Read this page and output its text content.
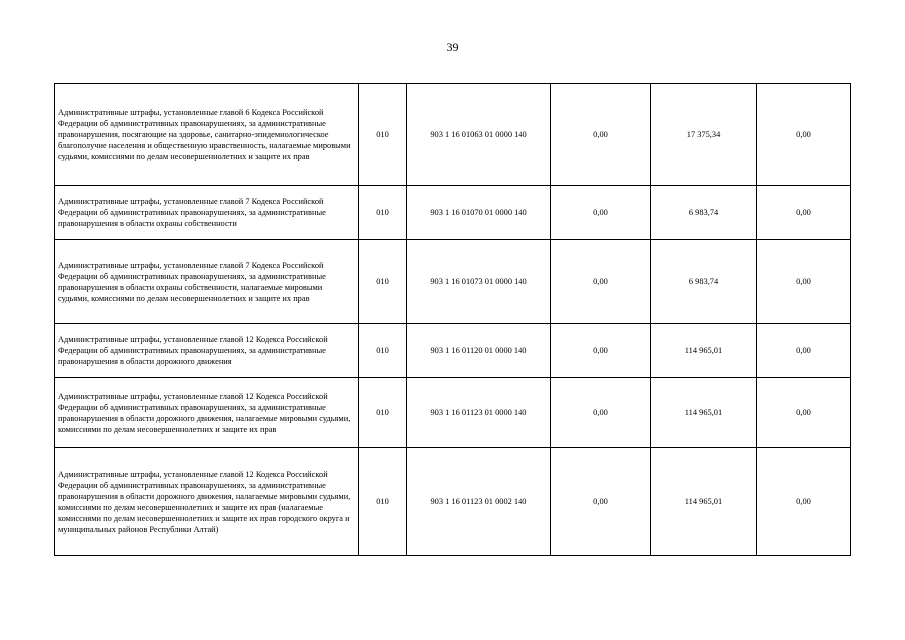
39
Административные штрафы, установленные главой 6 Кодекса Российской Федерации об административных правонарушениях, за административные правонарушения, посягающие на здоровье, санитарно-эпидемиологическое благополучие населения и общественную нравственность, налагаемые мировыми судьями, комиссиями по делам несовершеннолетних и защите их прав	010	903 1 16 01063 01 0000 140	0,00	17 375,34	0,00
Административные штрафы, установленные главой 7 Кодекса Российской Федерации об административных правонарушениях, за административные правонарушения в области охраны собственности	010	903 1 16 01070 01 0000 140	0,00	6 983,74	0,00
Административные штрафы, установленные главой 7 Кодекса Российской Федерации об административных правонарушениях, за административные правонарушения в области охраны собственности, налагаемые мировыми судьями, комиссиями по делам несовершеннолетних и защите их прав	010	903 1 16 01073 01 0000 140	0,00	6 983,74	0,00
Административные штрафы, установленные главой 12 Кодекса Российской Федерации об административных правонарушениях, за административные правонарушения в области дорожного движения	010	903 1 16 01120 01 0000 140	0,00	114 965,01	0,00
Административные штрафы, установленные главой 12 Кодекса Российской Федерации об административных правонарушениях, за административные правонарушения в области дорожного движения, налагаемые мировыми судьями, комиссиями по делам несовершеннолетних и защите их прав	010	903 1 16 01123 01 0000 140	0,00	114 965,01	0,00
Административные штрафы, установленные главой 12 Кодекса Российской Федерации об административных правонарушениях, за административные правонарушения в области дорожного движения, налагаемые мировыми судьями, комиссиями по делам несовершеннолетних и защите их прав (налагаемые комиссиями по делам несовершеннолетних и защите их прав городского округа и муниципальных районов Республики Алтай)	010	903 1 16 01123 01 0002 140	0,00	114 965,01	0,00
